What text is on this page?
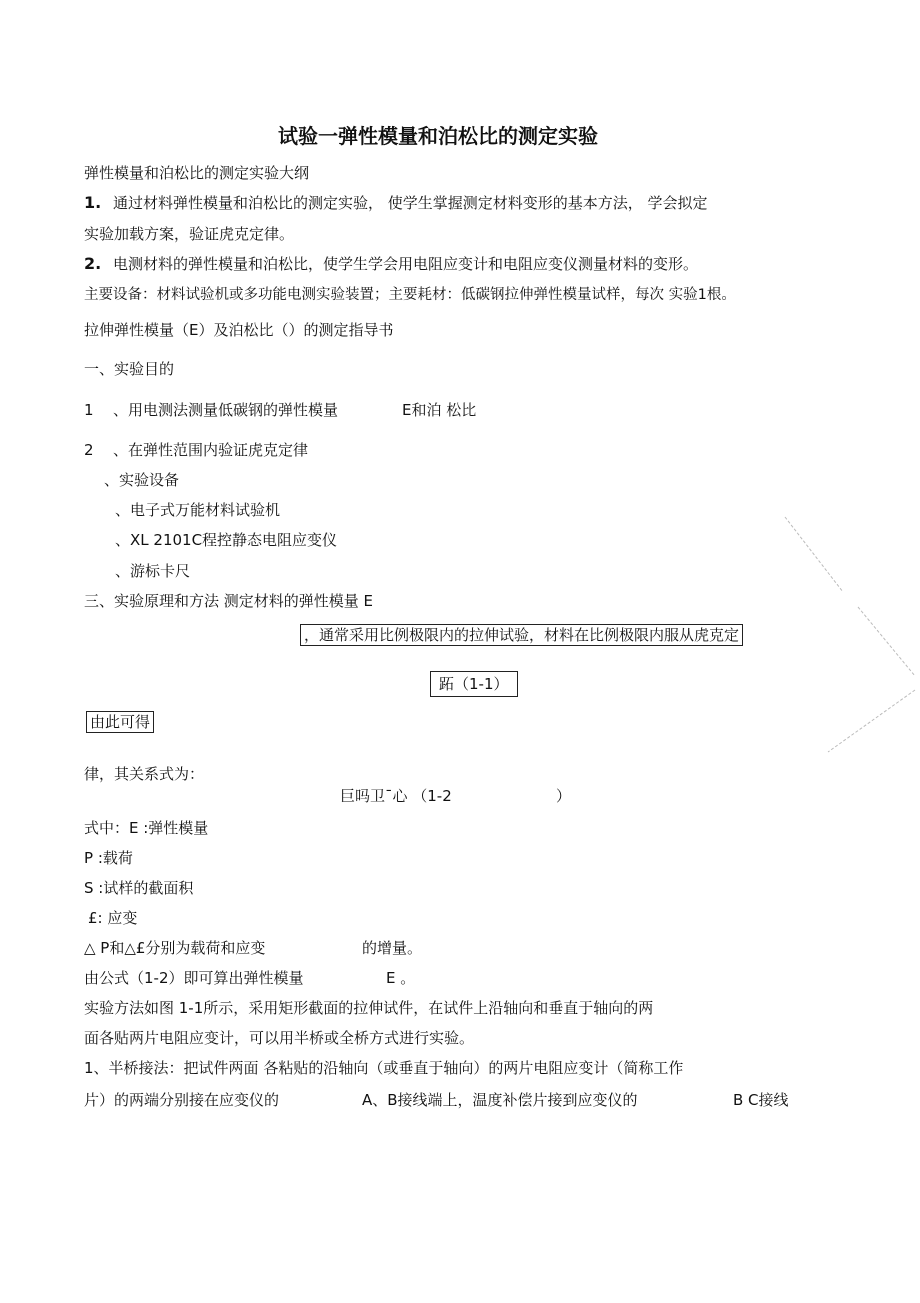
试验一弹性模量和泊松比的测定实验
弹性模量和泊松比的测定实验大纲
1. 通过材料弹性模量和泊松比的测定实验， 使学生掌握测定材料变形的基本方法， 学会拟定
实验加载方案，验证虎克定律。
2. 电测材料的弹性模量和泊松比，使学生学会用电阻应变计和电阻应变仪测量材料的变形。
主要设备：材料试验机或多功能电测实验装置；主要耗材：低碳钢拉伸弹性模量试样，每次 实验1根。
拉伸弹性模量（E）及泊松比（）的测定指导书
一、实验目的
1 、用电测法测量低碳钢的弹性模量	E和泊 松比
2 、在弹性范围内验证虎克定律
、实验设备
、电子式万能材料试验机
、XL 2101C程控静态电阻应变仪
、游标卡尺
三、实验原理和方法 测定材料的弹性模量 E
，通常采用比例极限内的拉伸试验，材料在比例极限内服从虎克定
跖（1-1）
由此可得
律，其关系式为：
巨吗卫ˉ心 （1-2	）
式中：E :弹性模量
P :载荷
S :试样的截面积
£: 应变
△ P和△£分别为载荷和应变	的增量。
由公式（1-2）即可算出弹性模量	E 。
实验方法如图 1-1所示，采用矩形截面的拉伸试件，在试件上沿轴向和垂直于轴向的两
面各贴两片电阻应变计，可以用半桥或全桥方式进行实验。
1、半桥接法：把试件两面 各粘贴的沿轴向（或垂直于轴向）的两片电阻应变计（简称工作
片）的两端分别接在应变仪的	A、B接线端上，温度补偿片接到应变仪的	B C接线
